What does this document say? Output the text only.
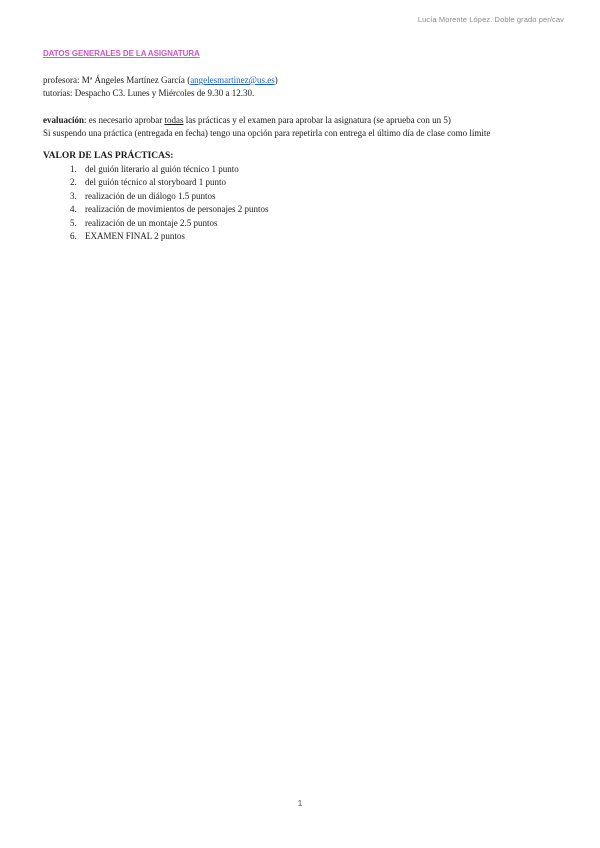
Lucía Morente López. Doble grado per/cav

DATOS GENERALES DE LA ASIGNATURA

profesora: Mª Ángeles Martínez García (angelesmartinez@us.es)

tutorías: Despacho C3. Lunes y Miércoles de 9.30 a 12.30.

evaluación: es necesario aprobar todas las prácticas y el examen para aprobar la asignatura (se aprueba con un 5)

Si suspendo una práctica (entregada en fecha) tengo una opción para repetirla con entrega el último día de clase como límite

VALOR DE LAS PRÁCTICAS:

1. del guión literario al guión técnico 1 punto
2. del guión técnico al storyboard 1 punto
3. realización de un diálogo 1.5 puntos
4. realización de movimientos de personajes 2 puntos
5. realización de un montaje 2.5 puntos
6. EXAMEN FINAL 2 puntos
1
